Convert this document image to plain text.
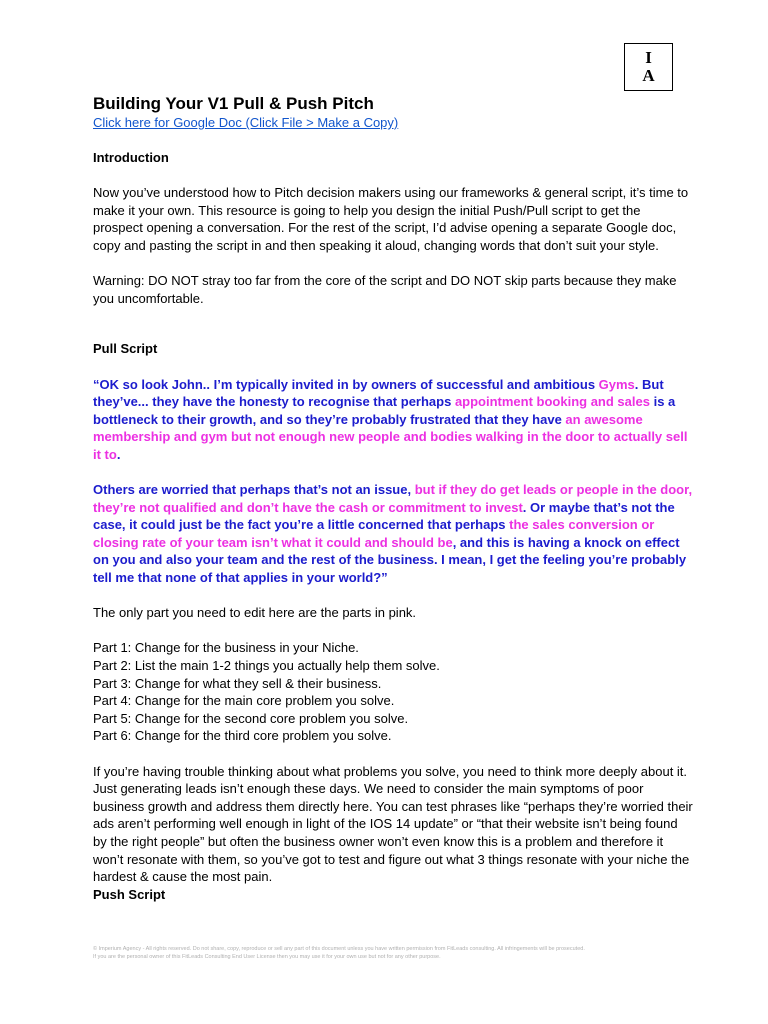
I
A
Building Your V1 Pull & Push Pitch
Click here for Google Doc (Click File > Make a Copy)

Introduction

Now you’ve understood how to Pitch decision makers using our frameworks & general script, it’s time to make it your own. This resource is going to help you design the initial Push/Pull script to get the prospect opening a conversation. For the rest of the script, I’d advise opening a separate Google doc, copy and pasting the script in and then speaking it aloud, changing words that don’t suit your style.

Warning: DO NOT stray too far from the core of the script and DO NOT skip parts because they make you uncomfortable.

Pull Script

“OK so look John.. I’m typically invited in by owners of successful and ambitious Gyms. But they’ve... they have the honesty to recognise that perhaps appointment booking and sales is a bottleneck to their growth, and so they’re probably frustrated that they have an awesome membership and gym but not enough new people and bodies walking in the door to actually sell it to.

Others are worried that perhaps that’s not an issue, but if they do get leads or people in the door, they’re not qualified and don’t have the cash or commitment to invest. Or maybe that’s not the case, it could just be the fact you’re a little concerned that perhaps the sales conversion or closing rate of your team isn’t what it could and should be, and this is having a knock on effect on you and also your team and the rest of the business. I mean, I get the feeling you’re probably tell me that none of that applies in your world?”

The only part you need to edit here are the parts in pink.

Part 1: Change for the business in your Niche.

Part 2: List the main 1-2 things you actually help them solve.

Part 3: Change for what they sell & their business.

Part 4: Change for the main core problem you solve.

Part 5: Change for the second core problem you solve.

Part 6: Change for the third core problem you solve.

If you’re having trouble thinking about what problems you solve, you need to think more deeply about it. Just generating leads isn’t enough these days. We need to consider the main symptoms of poor business growth and address them directly here. You can test phrases like “perhaps they’re worried their ads aren’t performing well enough in light of the IOS 14 update” or “that their website isn’t being found by the right people” but often the business owner won’t even know this is a problem and therefore it won’t resonate with them, so you’ve got to test and figure out what 3 things resonate with your niche the hardest & cause the most pain.

Push Script

© Imperium Agency - All rights reserved. Do not share, copy, reproduce or sell any part of this document unless you have written permission from FitLeads consulting. All infringements will be prosecuted.
If you are the personal owner of this FitLeads Consulting End User License then you may use it for your own use but not for any other purpose.
